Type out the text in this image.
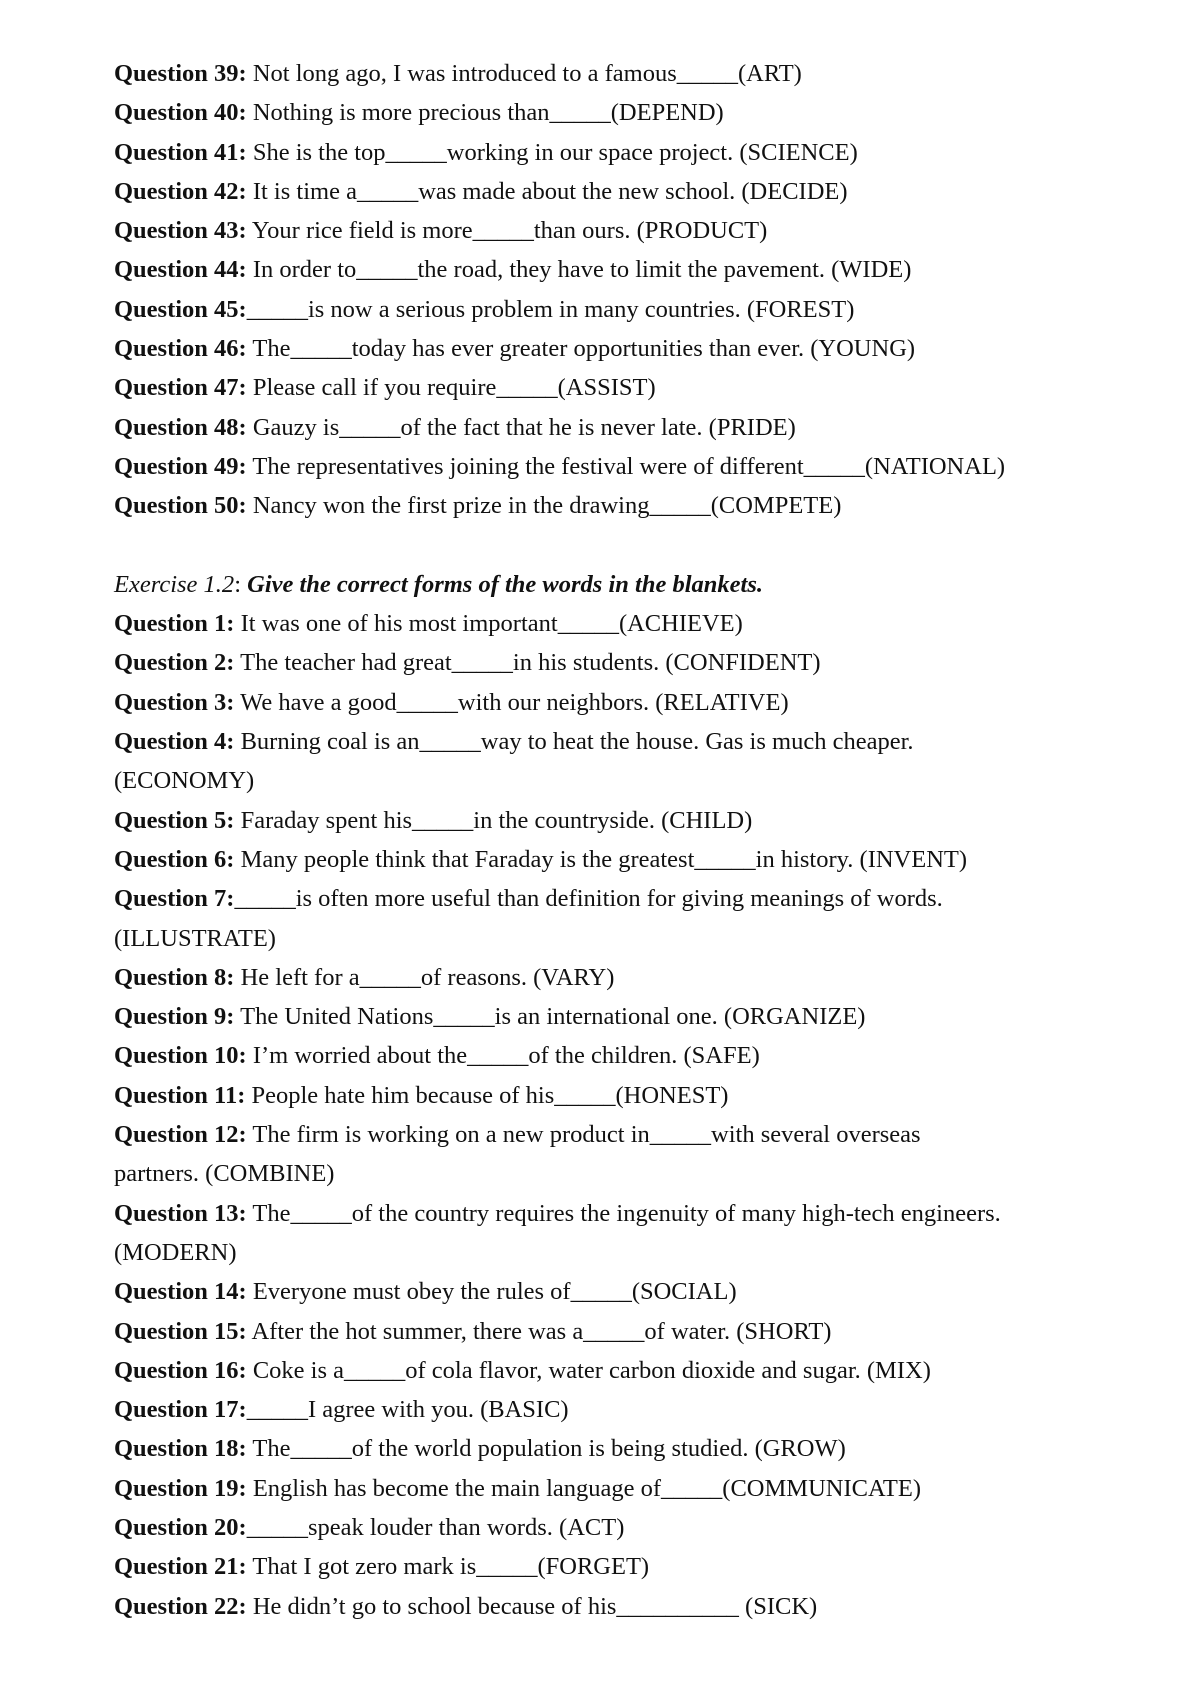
Question 39: Not long ago, I was introduced to a famous_____(ART)
Question 40: Nothing is more precious than_____(DEPEND)
Question 41: She is the top_____working in our space project. (SCIENCE)
Question 42: It is time a_____was made about the new school. (DECIDE)
Question 43: Your rice field is more_____than ours. (PRODUCT)
Question 44: In order to_____the road, they have to limit the pavement. (WIDE)
Question 45:_____is now a serious problem in many countries. (FOREST)
Question 46: The_____today has ever greater opportunities than ever. (YOUNG)
Question 47: Please call if you require_____(ASSIST)
Question 48: Gauzy is_____of the fact that he is never late. (PRIDE)
Question 49: The representatives joining the festival were of different_____(NATIONAL)
Question 50: Nancy won the first prize in the drawing_____(COMPETE)
Exercise 1.2: Give the correct forms of the words in the blankets.
Question 1: It was one of his most important_____(ACHIEVE)
Question 2: The teacher had great_____in his students. (CONFIDENT)
Question 3: We have a good_____with our neighbors. (RELATIVE)
Question 4: Burning coal is an_____way to heat the house. Gas is much cheaper.
(ECONOMY)
Question 5: Faraday spent his_____in the countryside. (CHILD)
Question 6: Many people think that Faraday is the greatest_____in history. (INVENT)
Question 7:_____is often more useful than definition for giving meanings of words.
(ILLUSTRATE)
Question 8: He left for a_____of reasons. (VARY)
Question 9: The United Nations_____is an international one. (ORGANIZE)
Question 10: I’m worried about the_____of the children. (SAFE)
Question 11: People hate him because of his_____(HONEST)
Question 12: The firm is working on a new product in_____with several overseas
partners. (COMBINE)
Question 13: The_____of the country requires the ingenuity of many high-tech engineers.
(MODERN)
Question 14: Everyone must obey the rules of_____(SOCIAL)
Question 15: After the hot summer, there was a_____of water. (SHORT)
Question 16: Coke is a_____of cola flavor, water carbon dioxide and sugar. (MIX)
Question 17:_____I agree with you. (BASIC)
Question 18: The_____of the world population is being studied. (GROW)
Question 19: English has become the main language of_____(COMMUNICATE)
Question 20:_____speak louder than words. (ACT)
Question 21: That I got zero mark is_____(FORGET)
Question 22: He didn’t go to school because of his__________ (SICK)
